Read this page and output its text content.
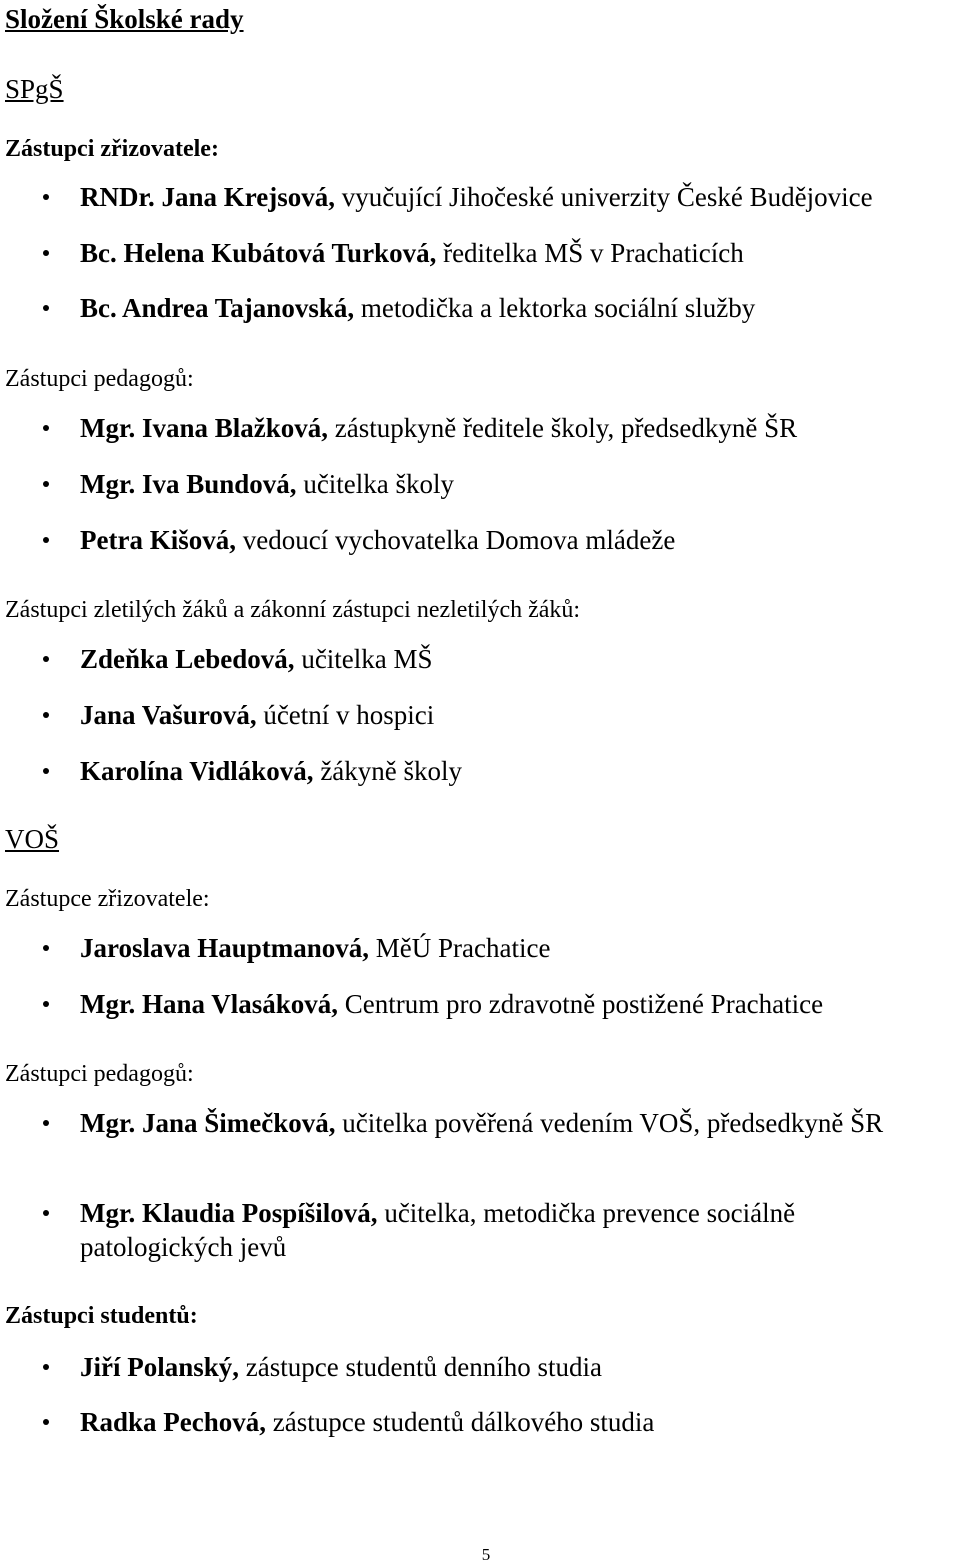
Složení Školské rady
SPgŠ
Zástupci zřizovatele:
RNDr. Jana Krejsová, vyučující Jihočeské univerzity České Budějovice
Bc. Helena Kubátová Turková, ředitelka MŠ v Prachaticích
Bc. Andrea Tajanovská, metodička a lektorka sociální služby
Zástupci pedagogů:
Mgr. Ivana Blažková, zástupkyně ředitele školy, předsedkyně ŠR
Mgr. Iva Bundová, učitelka školy
Petra Kišová, vedoucí vychovatelka Domova mládeže
Zástupci zletilých žáků a zákonní zástupci nezletilých žáků:
Zdeňka Lebedová, učitelka MŠ
Jana Vašurová, účetní v hospici
Karolína Vidláková, žákyně školy
VOŠ
Zástupce zřizovatele:
Jaroslava Hauptmanová, MěÚ Prachatice
Mgr. Hana Vlasáková, Centrum pro zdravotně postižené Prachatice
Zástupci pedagogů:
Mgr. Jana Šimečková, učitelka pověřená vedením VOŠ, předsedkyně ŠR
Mgr. Klaudia Pospíšilová, učitelka, metodička prevence sociálně patologických jevů
Zástupci studentů:
Jiří Polanský, zástupce studentů denního studia
Radka Pechová, zástupce studentů dálkového studia
5
